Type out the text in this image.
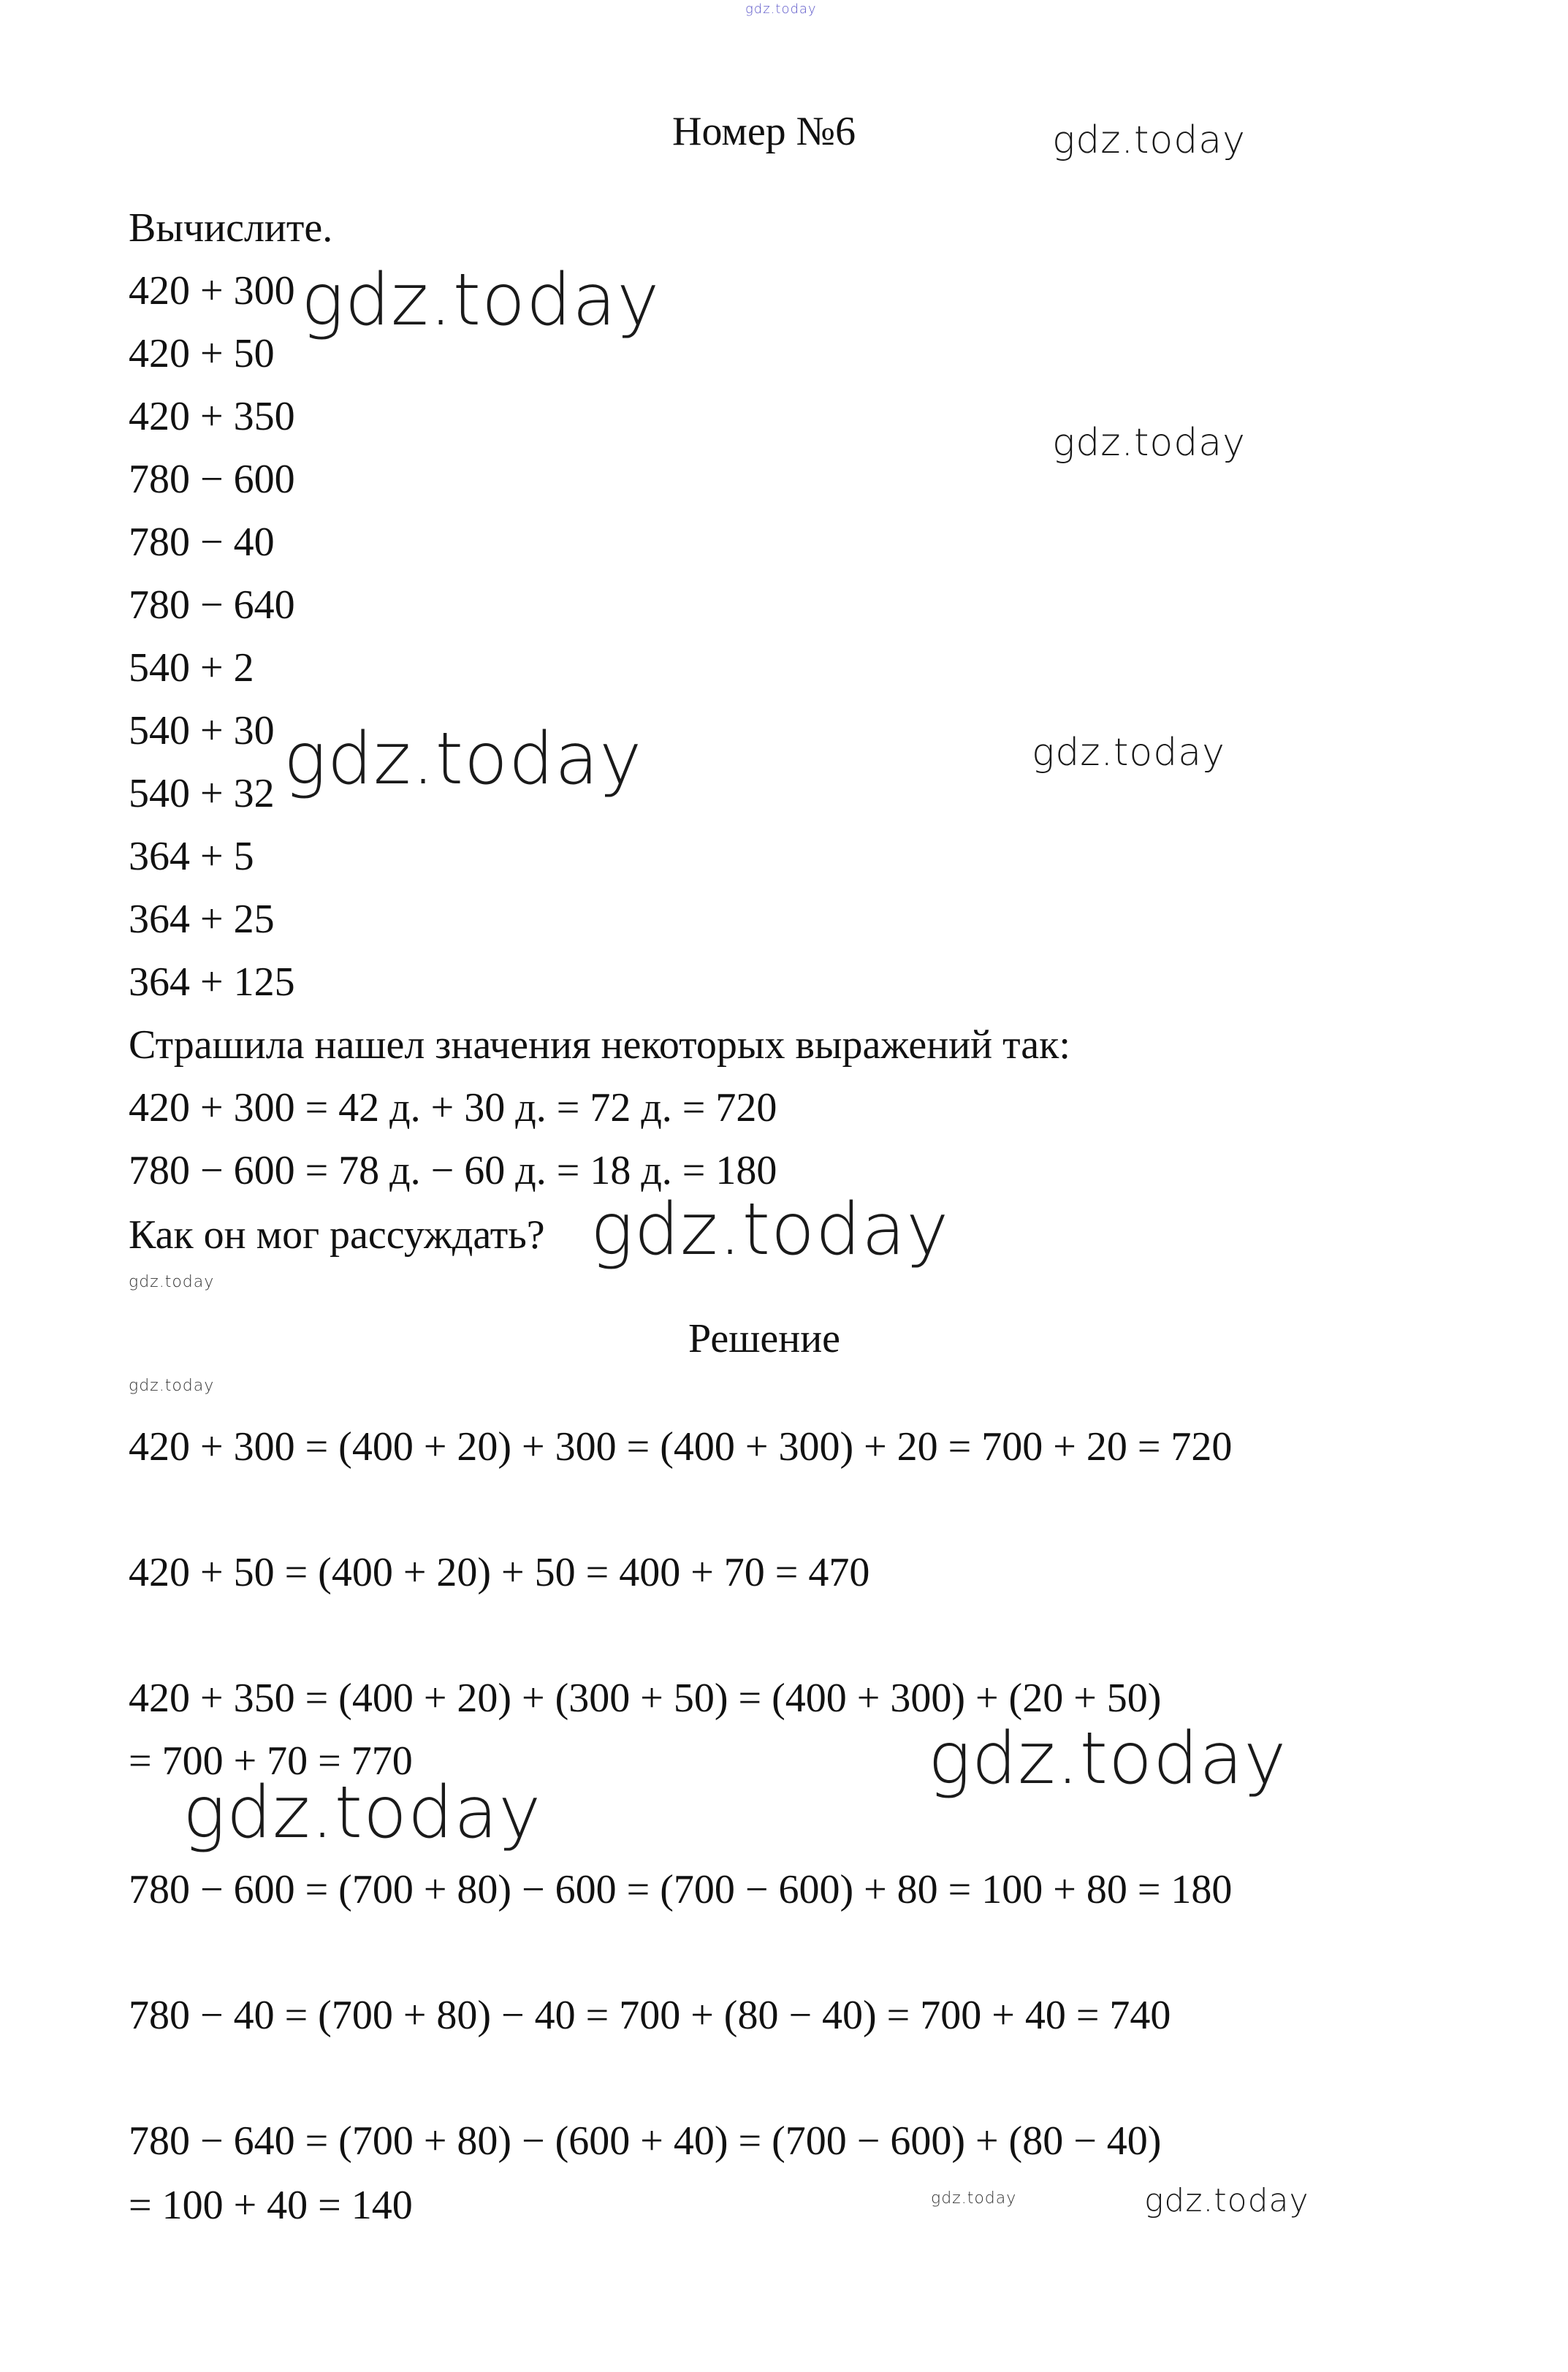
gdz.today

Номер №6	gdz.today

Вычислите.

420 + 300

420 + 50

420 + 350

780 − 600

780 − 40

780 − 640

540 + 2

540 + 30

540 + 32

364 + 5

364 + 25

364 + 125

gdz.today
gdz.today
gdz.today	gdz.today

Страшила нашел значения некоторых выражений так:

420 + 300 = 42 д. + 30 д. = 72 д. = 720

780 − 600 = 78 д. − 60 д. = 18 д. = 180

Как он мог рассуждать? gdz.today
gdz.today

Решение

gdz.today

420 + 300 = (400 + 20) + 300 = (400 + 300) + 20 = 700 + 20 = 720

420 + 50 = (400 + 20) + 50 = 400 + 70 = 470

420 + 350 = (400 + 20) + (300 + 50) = (400 + 300) + (20 + 50)

= 700 + 70 = 770	gdz.today
gdz.today

780 − 600 = (700 + 80) − 600 = (700 − 600) + 80 = 100 + 80 = 180

780 − 40 = (700 + 80) − 40 = 700 + (80 − 40) = 700 + 40 = 740

780 − 640 = (700 + 80) − (600 + 40) = (700 − 600) + (80 − 40)

= 100 + 40 = 140	gdz.today	gdz.today
